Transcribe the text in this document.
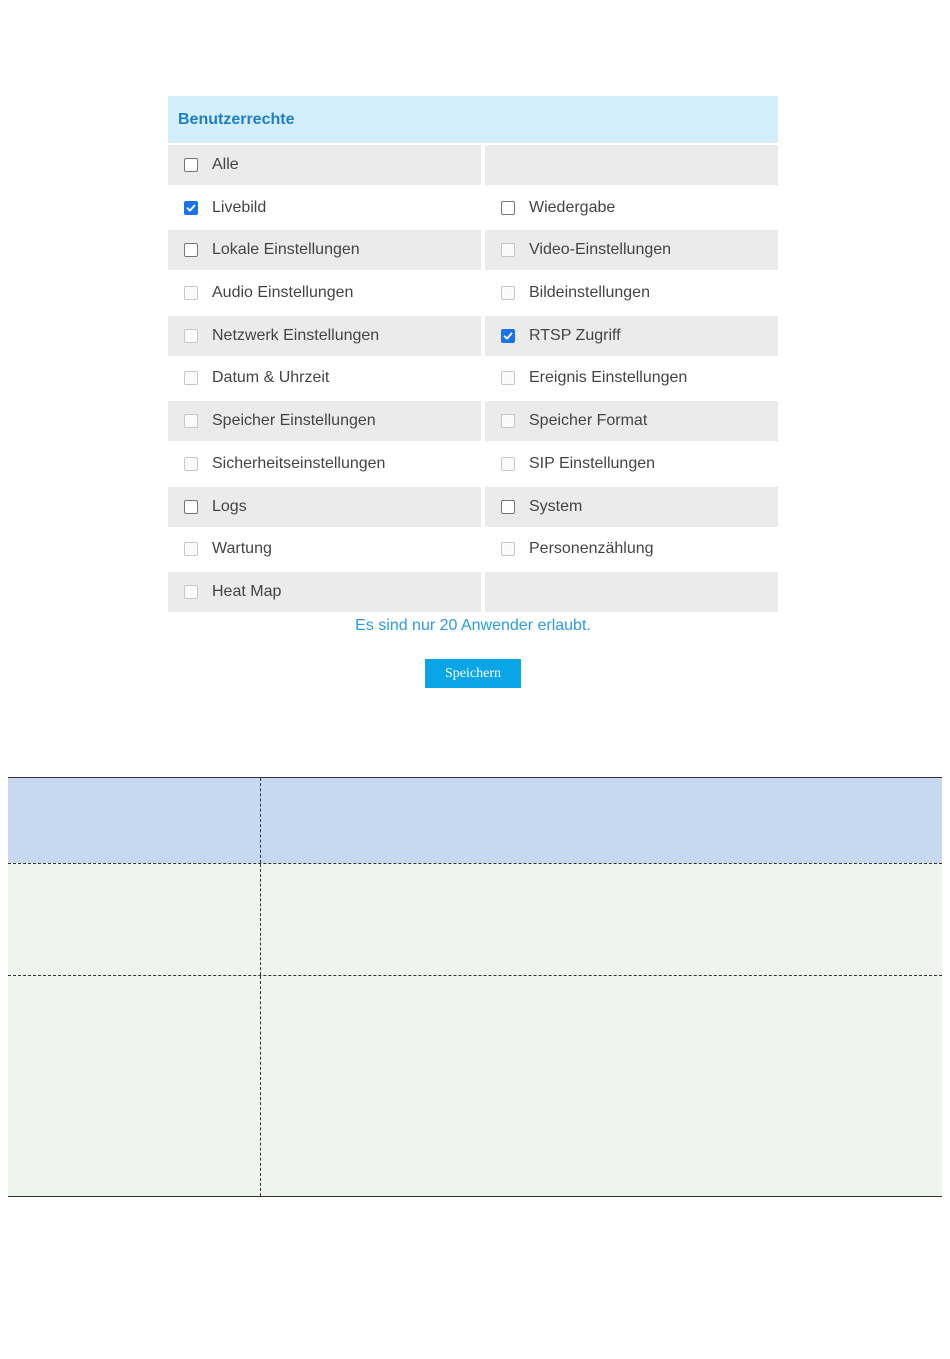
Benutzerrechte
Alle
Livebild	Wiedergabe
Lokale Einstellungen	Video-Einstellungen
Audio Einstellungen	Bildeinstellungen
Netzwerk Einstellungen	RTSP Zugriff
Datum & Uhrzeit	Ereignis Einstellungen
Speicher Einstellungen	Speicher Format
Sicherheitseinstellungen	SIP Einstellungen
Logs	System
Wartung	Personenzählung
Heat Map
Es sind nur 20 Anwender erlaubt.
Speichern
